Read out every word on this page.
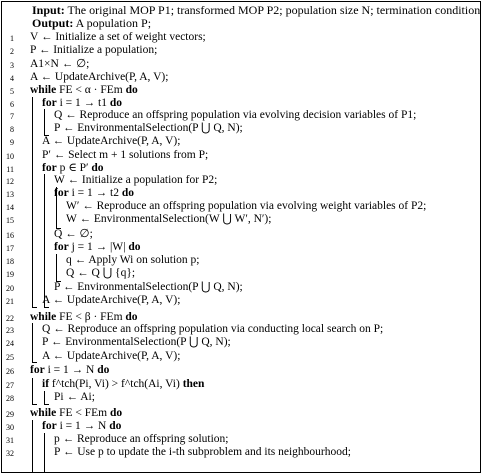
Input: The original MOP P1; transformed MOP P2; population size N; termination condition
Output: A population P;
1 V ← Initialize a set of weight vectors;
2 P ← Initialize a population;
3 A1×N ← ∅;
4 A ← UpdateArchive(P, A, V);
5 while FE < α · FEm do
6 for i = 1 → t1 do
7	Q ← Reproduce an offspring population via evolving decision variables of P1;
8	P ← EnvironmentalSelection(P ⋃ Q, N);
9 A ← UpdateArchive(P, A, V);
10 P′ ← Select m + 1 solutions from P;
11 for p ∈ P′ do
12	W ← Initialize a population for P2;
13	for i = 1 → t2 do
14	W′ ← Reproduce an offspring population via evolving weight variables of P2;
15	W ← EnvironmentalSelection(W ⋃ W′, N′);
16	Q ← ∅;
17	for j = 1 → |W| do
18	q ← Apply Wi on solution p;
19	Q ← Q ⋃ {q};
20	P ← EnvironmentalSelection(P ⋃ Q, N);
21 A ← UpdateArchive(P, A, V);
22 while FE < β · FEm do
23 Q ← Reproduce an offspring population via conducting local search on P;
24 P ← EnvironmentalSelection(P ⋃ Q, N);
25 A ← UpdateArchive(P, A, V);
26 for i = 1 → N do
27 if f^tch(Pi, Vi) > f^tch(Ai, Vi) then
28	Pi ← Ai;
29 while FE < FEm do
30 for i = 1 → N do
31	p ← Reproduce an offspring solution;
32	P ← Use p to update the i-th subproblem and its neighbourhood;
